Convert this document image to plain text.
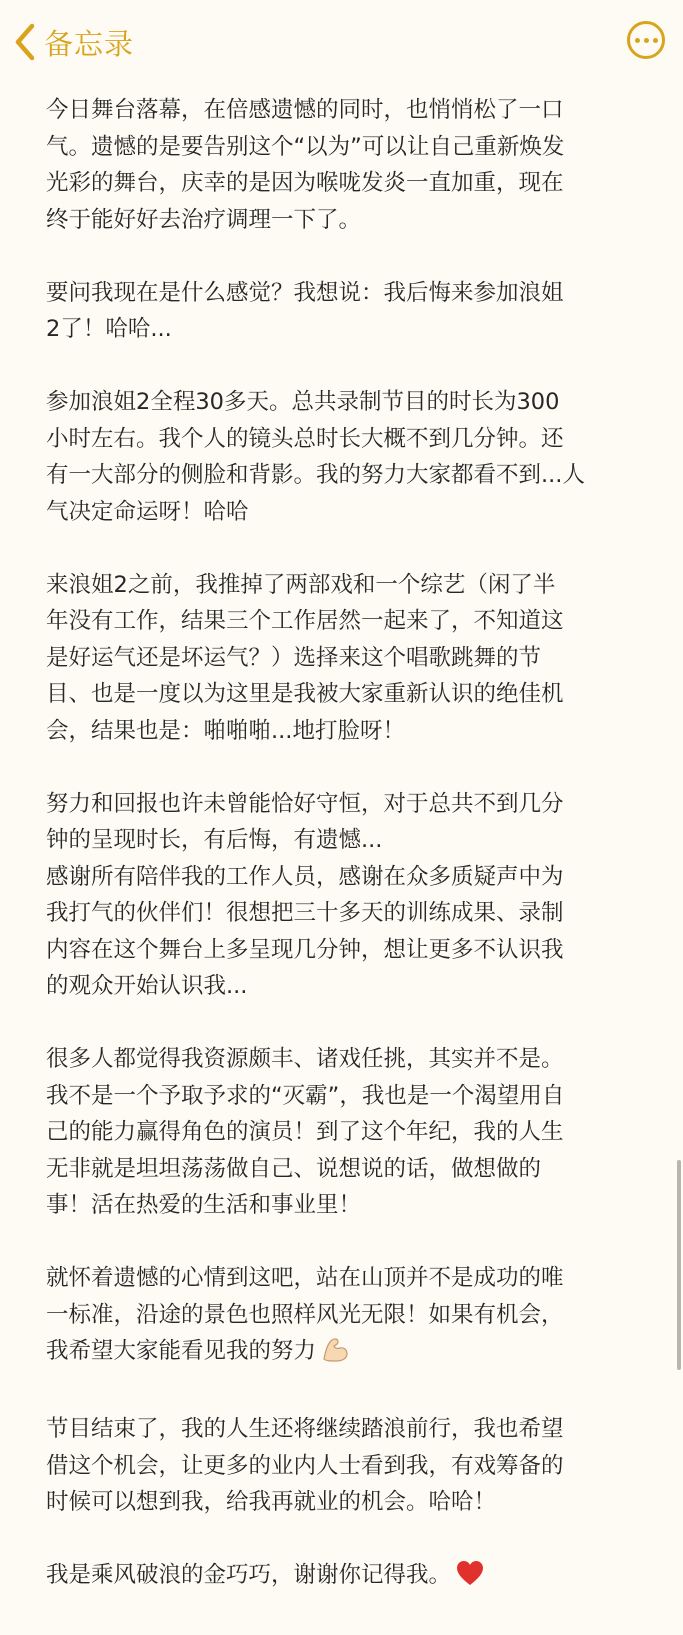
备忘录
今日舞台落幕，在倍感遗憾的同时，也悄悄松了一口
气。遗憾的是要告别这个“以为”可以让自己重新焕发
光彩的舞台，庆幸的是因为喉咙发炎一直加重，现在
终于能好好去治疗调理一下了。
要问我现在是什么感觉？我想说：我后悔来参加浪姐
2了！哈哈...
参加浪姐2全程30多天。总共录制节目的时长为300
小时左右。我个人的镜头总时长大概不到几分钟。还
有一大部分的侧脸和背影。我的努力大家都看不到...人
气决定命运呀！哈哈
来浪姐2之前，我推掉了两部戏和一个综艺（闲了半
年没有工作，结果三个工作居然一起来了，不知道这
是好运气还是坏运气？）选择来这个唱歌跳舞的节
目、也是一度以为这里是我被大家重新认识的绝佳机
会，结果也是：啪啪啪...地打脸呀！
努力和回报也许未曾能恰好守恒，对于总共不到几分
钟的呈现时长，有后悔，有遗憾...
感谢所有陪伴我的工作人员，感谢在众多质疑声中为
我打气的伙伴们！很想把三十多天的训练成果、录制
内容在这个舞台上多呈现几分钟，想让更多不认识我
的观众开始认识我...
很多人都觉得我资源颇丰、诸戏任挑，其实并不是。
我不是一个予取予求的“灭霸”，我也是一个渴望用自
己的能力赢得角色的演员！到了这个年纪，我的人生
无非就是坦坦荡荡做自己、说想说的话，做想做的
事！活在热爱的生活和事业里！
就怀着遗憾的心情到这吧，站在山顶并不是成功的唯
一标准，沿途的景色也照样风光无限！如果有机会，
我希望大家能看见我的努力
节目结束了，我的人生还将继续踏浪前行，我也希望
借这个机会，让更多的业内人士看到我，有戏筹备的
时候可以想到我，给我再就业的机会。哈哈！
我是乘风破浪的金巧巧，谢谢你记得我。
